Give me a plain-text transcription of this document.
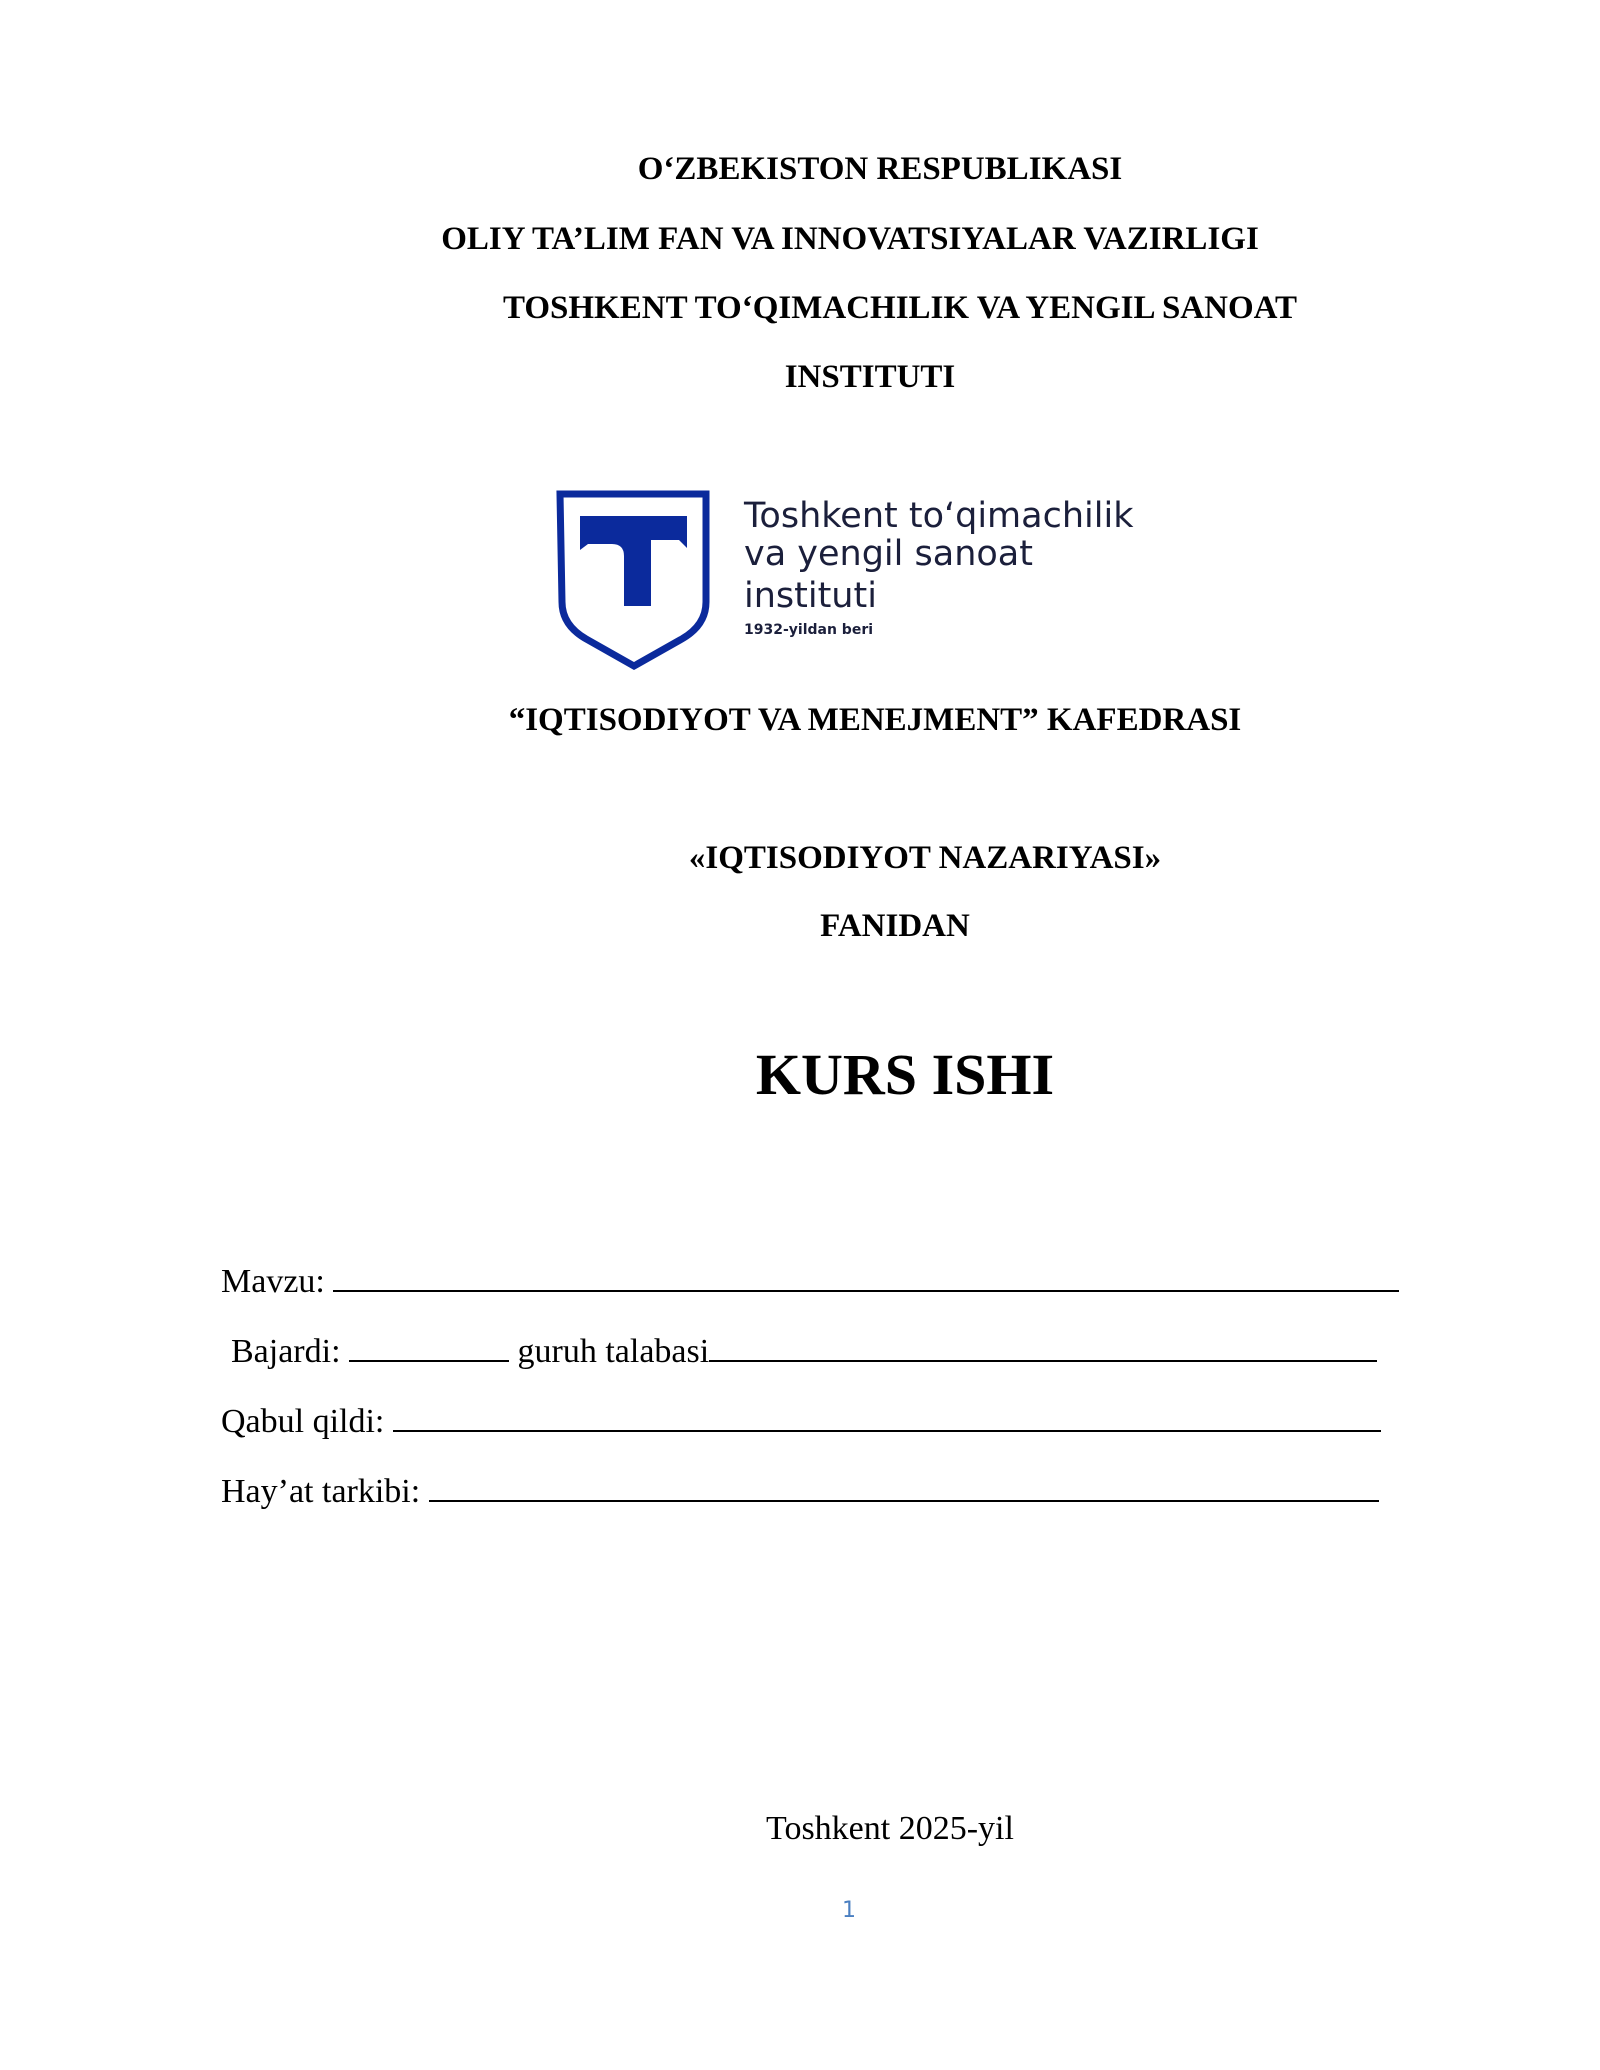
O‘ZBEKISTON RESPUBLIKASI
OLIY TA’LIM FAN VA INNOVATSIYALAR VAZIRLIGI
TOSHKENT TO‘QIMACHILIK VA YENGIL SANOAT
INSTITUTI
Toshkent to‘qimachilik
va yengil sanoat
instituti
1932-yildan beri
“IQTISODIYOT VA MENEJMENT” KAFEDRASI
«IQTISODIYOT NAZARIYASI»
FANIDAN
KURS ISHI
Mavzu:
Bajardi:	guruh talabasi
Qabul qildi:
Hay’at tarkibi:
Toshkent 2025-yil
1
